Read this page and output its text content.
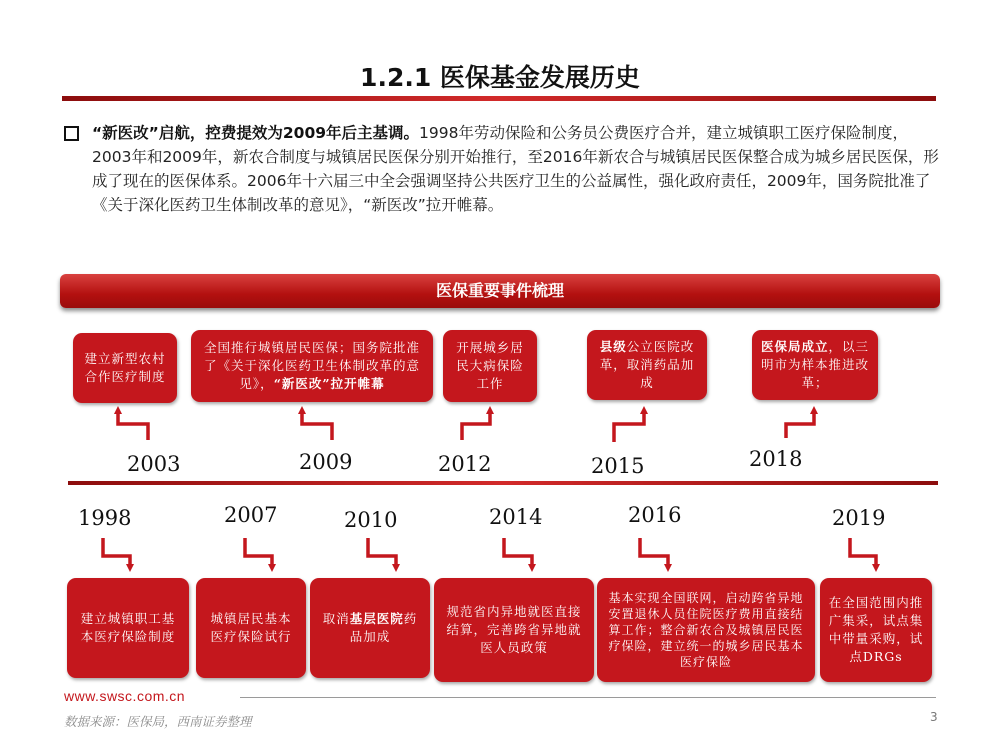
1.2.1 医保基金发展历史
“新医改”启航，控费提效为2009年后主基调。1998年劳动保险和公务员公费医疗合并，建立城镇职工医疗保险制度，2003年和2009年，新农合制度与城镇居民医保分别开始推行，至2016年新农合与城镇居民医保整合成为城乡居民医保，形成了现在的医保体系。2006年十六届三中全会强调坚持公共医疗卫生的公益属性，强化政府责任，2009年，国务院批准了《关于深化医药卫生体制改革的意见》，“新医改”拉开帷幕。
医保重要事件梳理
建立新型农村合作医疗制度
全国推行城镇居民医保；国务院批准了《关于深化医药卫生体制改革的意见》，“新医改”拉开帷幕
开展城乡居民大病保险工作
县级公立医院改革，取消药品加成
医保局成立，以三明市为样本推进改革；
2003	2009	2012	2015	2018
1998	2007	2010	2014	2016	2019
建立城镇职工基本医疗保险制度
城镇居民基本医疗保险试行
取消基层医院药品加成
规范省内异地就医直接结算，完善跨省异地就医人员政策
基本实现全国联网，启动跨省异地安置退休人员住院医疗费用直接结算工作；整合新农合及城镇居民医疗保险，建立统一的城乡居民基本医疗保险
在全国范围内推广集采，试点集中带量采购，试点DRGs
www.swsc.com.cn
数据来源：医保局，西南证券整理	3
